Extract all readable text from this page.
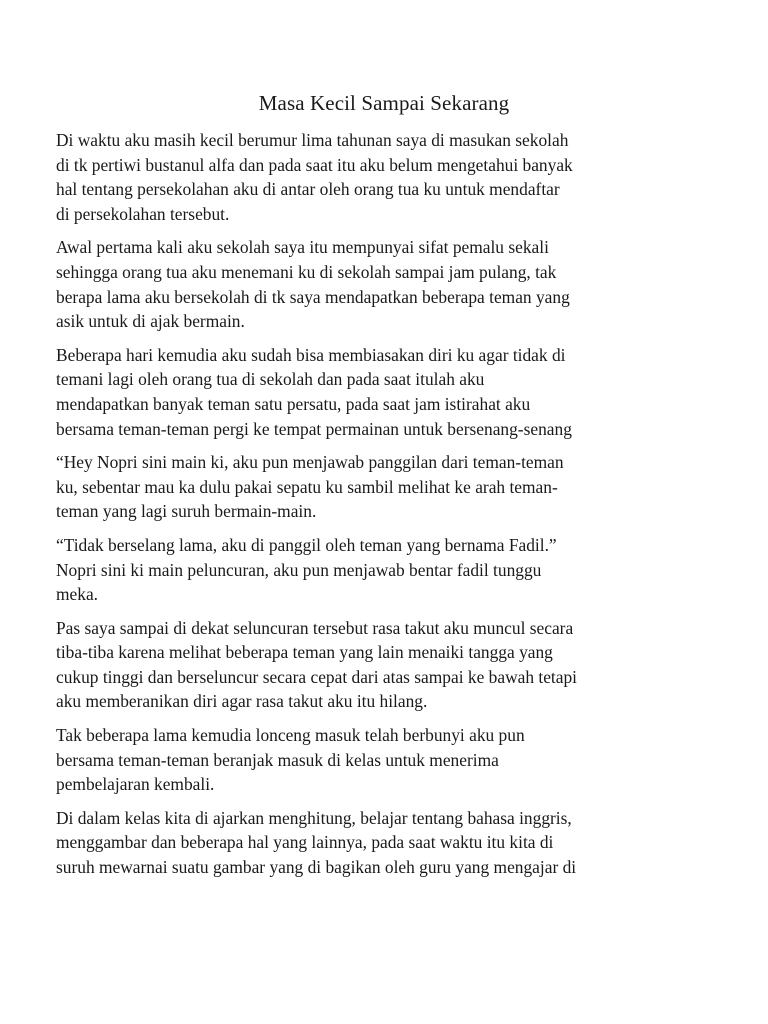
Masa Kecil Sampai Sekarang

Di waktu aku masih kecil berumur lima tahunan saya di masukan sekolah
di tk pertiwi bustanul alfa dan pada saat itu aku belum mengetahui banyak
hal tentang persekolahan aku di antar oleh orang tua ku untuk mendaftar
di persekolahan tersebut.

Awal pertama kali aku sekolah saya itu mempunyai sifat pemalu sekali
sehingga orang tua aku menemani ku di sekolah sampai jam pulang, tak
berapa lama aku bersekolah di tk saya mendapatkan beberapa teman yang
asik untuk di ajak bermain.

Beberapa hari kemudia aku sudah bisa membiasakan diri ku agar tidak di
temani lagi oleh orang tua di sekolah dan pada saat itulah aku
mendapatkan banyak teman satu persatu, pada saat jam istirahat aku
bersama teman-teman pergi ke tempat permainan untuk bersenang-senang

“Hey Nopri sini main ki, aku pun menjawab panggilan dari teman-teman
ku, sebentar mau ka dulu pakai sepatu ku sambil melihat ke arah teman-
teman yang lagi suruh bermain-main.

“Tidak berselang lama, aku di panggil oleh teman yang bernama Fadil.”
Nopri sini ki main peluncuran, aku pun menjawab bentar fadil tunggu
meka.

Pas saya sampai di dekat seluncuran tersebut rasa takut aku muncul secara
tiba-tiba karena melihat beberapa teman yang lain menaiki tangga yang
cukup tinggi dan berseluncur secara cepat dari atas sampai ke bawah tetapi
aku memberanikan diri agar rasa takut aku itu hilang.

Tak beberapa lama kemudia lonceng masuk telah berbunyi aku pun
bersama teman-teman beranjak masuk di kelas untuk menerima
pembelajaran kembali.

Di dalam kelas kita di ajarkan menghitung, belajar tentang bahasa inggris,
menggambar dan beberapa hal yang lainnya, pada saat waktu itu kita di
suruh mewarnai suatu gambar yang di bagikan oleh guru yang mengajar di
